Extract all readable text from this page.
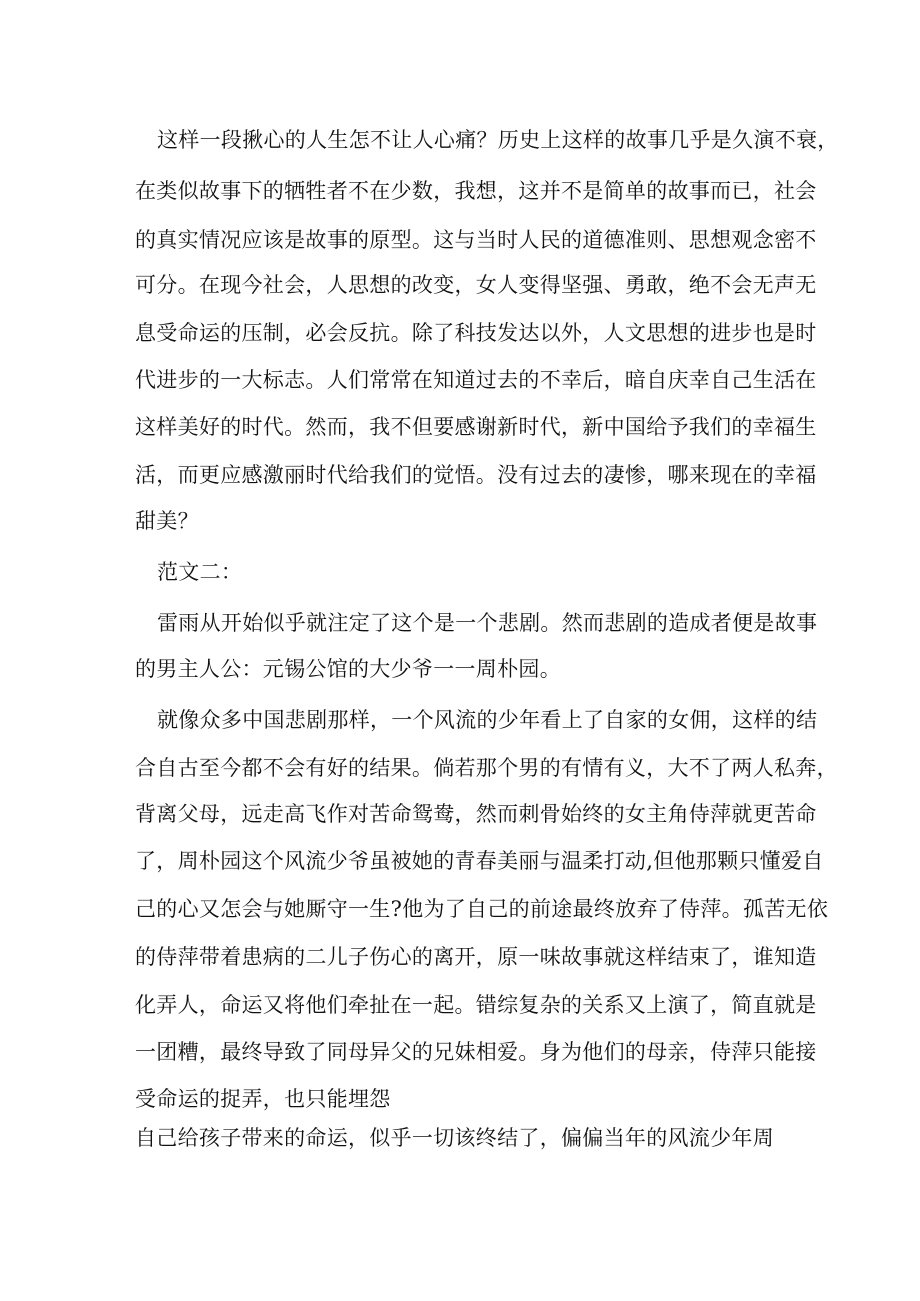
这样一段揪心的人生怎不让人心痛？历史上这样的故事几乎是久演不衰，
在类似故事下的牺牲者不在少数，我想，这并不是简单的故事而已，社会
的真实情况应该是故事的原型。这与当时人民的道德准则、思想观念密不
可分。在现今社会，人思想的改变，女人变得坚强、勇敢，绝不会无声无
息受命运的压制，必会反抗。除了科技发达以外，人文思想的进步也是时
代进步的一大标志。人们常常在知道过去的不幸后，暗自庆幸自己生活在
这样美好的时代。然而，我不但要感谢新时代，新中国给予我们的幸福生
活，而更应感激丽时代给我们的觉悟。没有过去的凄惨，哪来现在的幸福
甜美？
范文二：
雷雨从开始似乎就注定了这个是一个悲剧。然而悲剧的造成者便是故事
的男主人公：元锡公馆的大少爷一一周朴园。
就像众多中国悲剧那样，一个风流的少年看上了自家的女佣，这样的结
合自古至今都不会有好的结果。倘若那个男的有情有义，大不了两人私奔，
背离父母，远走高飞作对苦命鸳鸯，然而刺骨始终的女主角侍萍就更苦命
了，周朴园这个风流少爷虽被她的青春美丽与温柔打动,但他那颗只懂爱自
己的心又怎会与她厮守一生?他为了自己的前途最终放弃了侍萍。孤苦无依
的侍萍带着患病的二儿子伤心的离开，原一味故事就这样结束了，谁知造
化弄人，命运又将他们牵扯在一起。错综复杂的关系又上演了，简直就是
一团糟，最终导致了同母异父的兄妹相爱。身为他们的母亲，侍萍只能接
受命运的捉弄，也只能埋怨
自己给孩子带来的命运，似乎一切该终结了，偏偏当年的风流少年周
